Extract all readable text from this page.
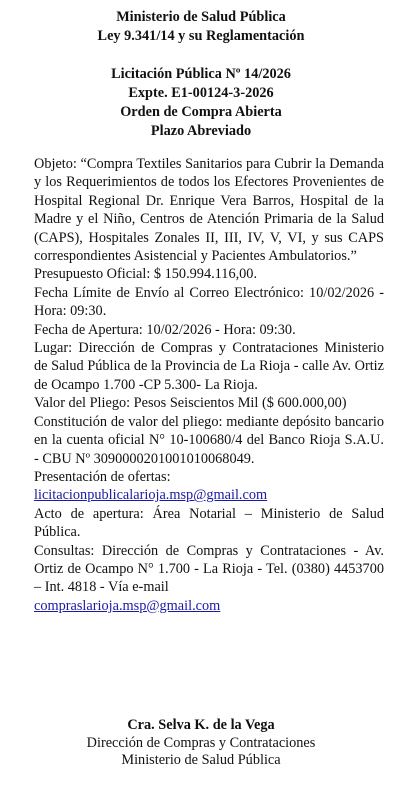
Ministerio de Salud Pública
Ley 9.341/14 y su Reglamentación
Licitación Pública Nº 14/2026
Expte. E1-00124-3-2026
Orden de Compra Abierta
Plazo Abreviado

Objeto: “Compra Textiles Sanitarios para Cubrir la Demanda y los Requerimientos de todos los Efectores Provenientes de Hospital Regional Dr. Enrique Vera Barros, Hospital de la Madre y el Niño, Centros de Atención Primaria de la Salud (CAPS), Hospitales Zonales II, III, IV, V, VI, y sus CAPS correspondientes Asistencial y Pacientes Ambulatorios.”

Presupuesto Oficial: $ 150.994.116,00.

Fecha Límite de Envío al Correo Electrónico: 10/02/2026 - Hora: 09:30.

Fecha de Apertura: 10/02/2026 - Hora: 09:30.

Lugar: Dirección de Compras y Contrataciones Ministerio de Salud Pública de la Provincia de La Rioja - calle Av. Ortiz de Ocampo 1.700 -CP 5.300- La Rioja.

Valor del Pliego: Pesos Seiscientos Mil ($ 600.000,00)

Constitución de valor del pliego: mediante depósito bancario en la cuenta oficial N° 10-100680/4 del Banco Rioja S.A.U. - CBU Nº 3090000201001010068049.

Presentación de ofertas:

licitacionpublicalarioja.msp@gmail.com

Acto de apertura: Área Notarial – Ministerio de Salud Pública.

Consultas: Dirección de Compras y Contrataciones - Av. Ortiz de Ocampo N° 1.700 - La Rioja - Tel. (0380) 4453700 – Int. 4818 - Vía e-mail

compraslarioja.msp@gmail.com

Cra. Selva K. de la Vega
Dirección de Compras y Contrataciones
Ministerio de Salud Pública
